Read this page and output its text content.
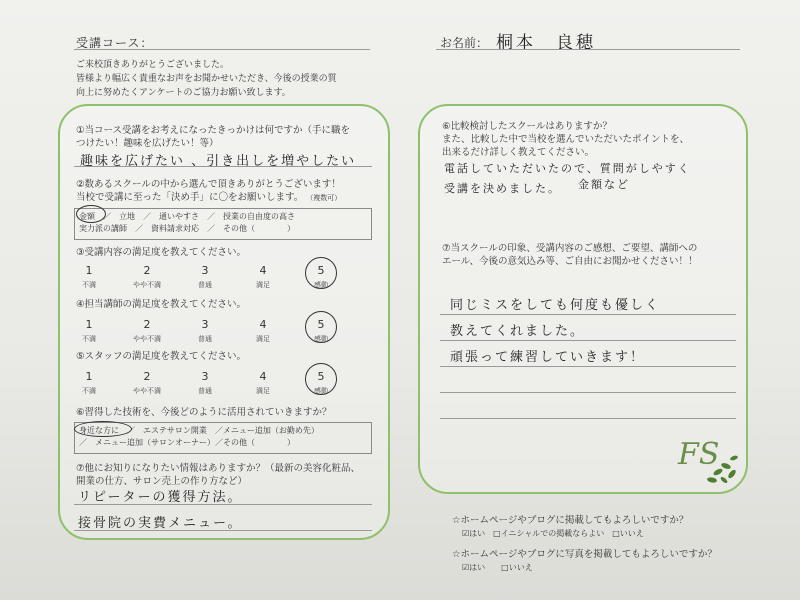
受講コース：	お名前： 桐本　良穂
ご来校頂きありがとうございました。
皆様より幅広く貴重なお声をお聞かせいただき、今後の授業の質
向上に努めたくアンケートのご協力お願い致します。
①当コース受講をお考えになったきっかけは何ですか（手に職を
つけたい！趣味を広げたい！等）
趣味を広げたい 、引き出しを増やしたい
②数あるスクールの中から選んで頂きありがとうございます！
当校で受講に至った「決め手」に〇をお願いします。 （複数可）
金額　／　立地　／　通いやすさ　／　授業の自由度の高さ
実力派の講師　／　資料請求対応　／　その他（　　　　）
③受講内容の満足度を教えてください。
1
不満
2
やや不満
3
普通
4
満足
5
感動
④担当講師の満足度を教えてください。
1
不満
2
やや不満
3
普通
4
満足
5
感動
⑤スタッフの満足度を教えてください。
1
不満
2
やや不満
3
普通
4
満足
5
感動
⑥習得した技術を、今後どのように活用されていきますか？
身近な方に　／　エステサロン開業　／メニュー追加（お勤め先）
／　メニュー追加（サロンオーナー）／その他（　　　　）
⑦他にお知りになりたい情報はありますか？（最新の美容化粧品、
開業の仕方、サロン売上の作り方など）
リピーターの獲得方法。
接骨院の実費メニュー。
⑥比較検討したスクールはありますか？
また、比較した中で当校を選んでいただいたポイントを、
出来るだけ詳しく教えてください。
電話していただいたので、質問がしやすく
受講を決めました。 金額など
⑦当スクールの印象、受講内容のご感想、ご要望、講師への
エール、今後の意気込み等、ご自由にお聞かせください！！
同じミスをしても何度も優しく
教えてくれました。
頑張って練習していきます！
FS
☆ホームページやブログに掲載してもよろしいですか？
☑はい　□イニシャルでの掲載ならよい　□いいえ
☆ホームページやブログに写真を掲載してもよろしいですか？
☑はい　　□いいえ
